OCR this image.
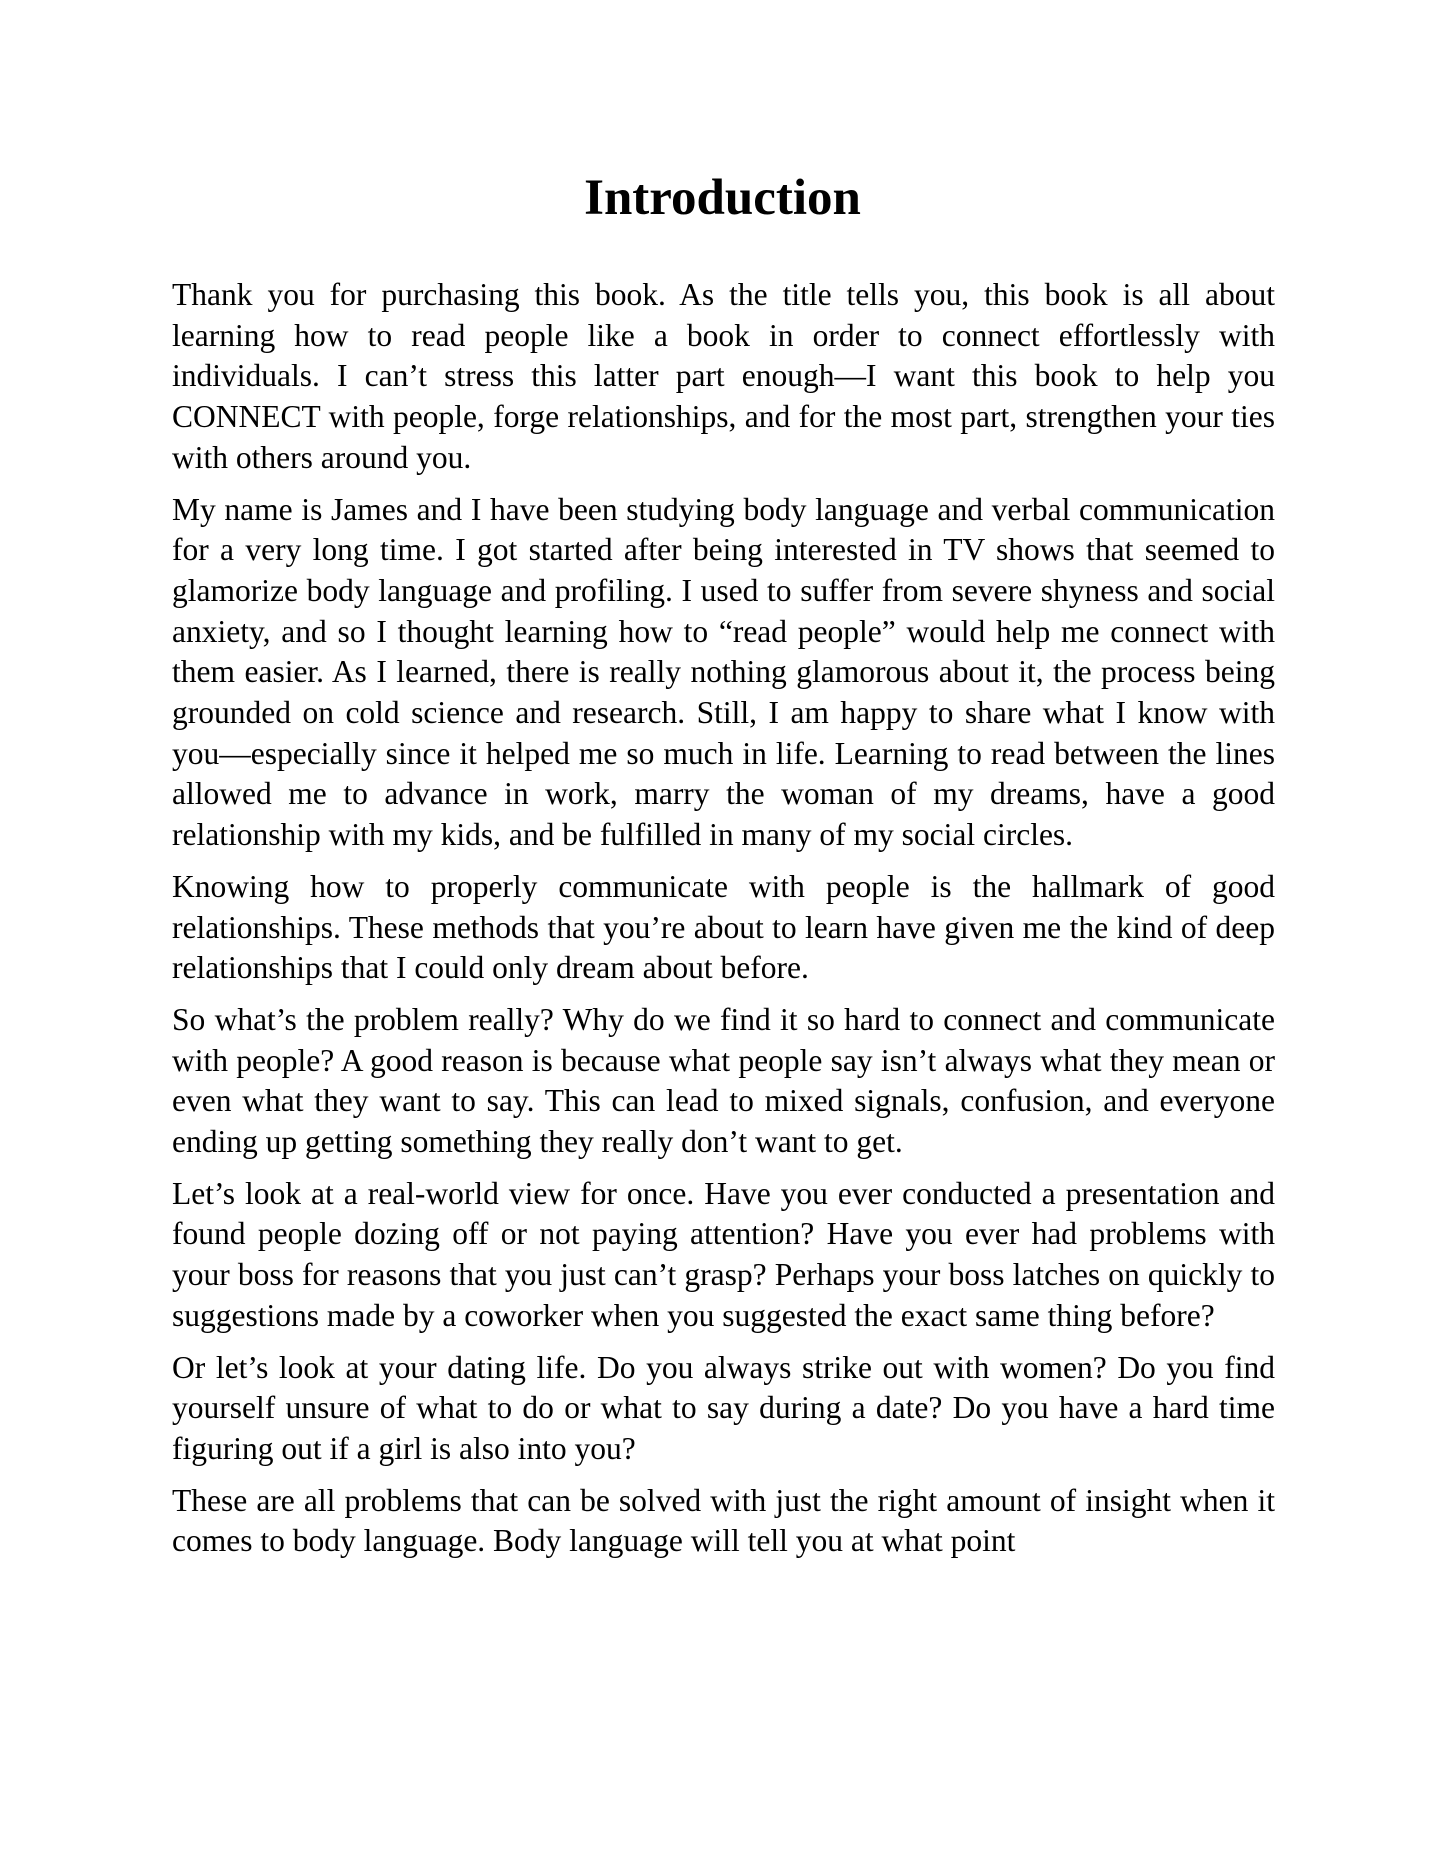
Introduction

Thank you for purchasing this book. As the title tells you, this book is all about learning how to read people like a book in order to connect effortlessly with individuals. I can’t stress this latter part enough—I want this book to help you CONNECT with people, forge relationships, and for the most part, strengthen your ties with others around you.

My name is James and I have been studying body language and verbal communication for a very long time. I got started after being interested in TV shows that seemed to glamorize body language and profiling. I used to suffer from severe shyness and social anxiety, and so I thought learning how to “read people” would help me connect with them easier. As I learned, there is really nothing glamorous about it, the process being grounded on cold science and research. Still, I am happy to share what I know with you—especially since it helped me so much in life. Learning to read between the lines allowed me to advance in work, marry the woman of my dreams, have a good relationship with my kids, and be fulfilled in many of my social circles.

Knowing how to properly communicate with people is the hallmark of good relationships. These methods that you’re about to learn have given me the kind of deep relationships that I could only dream about before.

So what’s the problem really? Why do we find it so hard to connect and communicate with people? A good reason is because what people say isn’t always what they mean or even what they want to say. This can lead to mixed signals, confusion, and everyone ending up getting something they really don’t want to get.

Let’s look at a real-world view for once. Have you ever conducted a presentation and found people dozing off or not paying attention? Have you ever had problems with your boss for reasons that you just can’t grasp? Perhaps your boss latches on quickly to suggestions made by a coworker when you suggested the exact same thing before?

Or let’s look at your dating life. Do you always strike out with women? Do you find yourself unsure of what to do or what to say during a date? Do you have a hard time figuring out if a girl is also into you?

These are all problems that can be solved with just the right amount of insight when it comes to body language. Body language will tell you at what point
